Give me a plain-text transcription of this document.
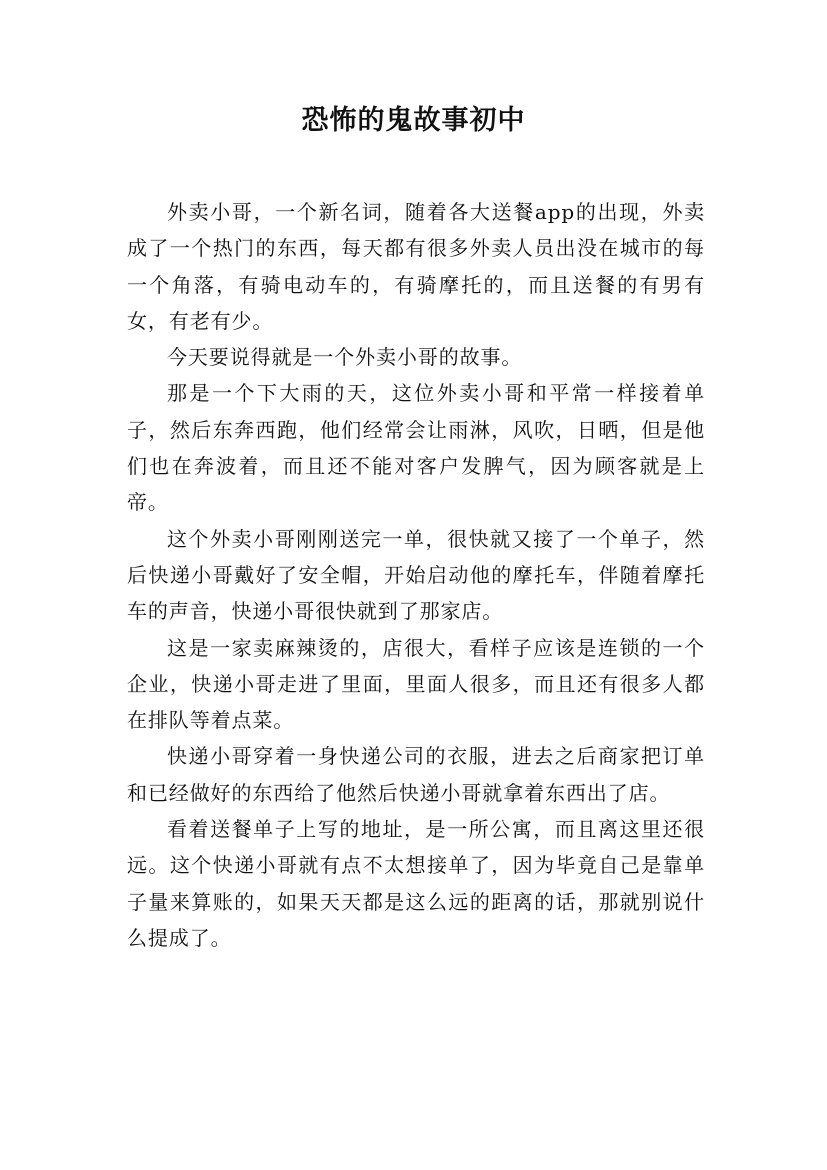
恐怖的鬼故事初中

外卖小哥，一个新名词，随着各大送餐app的出现，外卖成了一个热门的东西，每天都有很多外卖人员出没在城市的每一个角落，有骑电动车的，有骑摩托的，而且送餐的有男有女，有老有少。

今天要说得就是一个外卖小哥的故事。

那是一个下大雨的天，这位外卖小哥和平常一样接着单子，然后东奔西跑，他们经常会让雨淋，风吹，日晒，但是他们也在奔波着，而且还不能对客户发脾气，因为顾客就是上帝。

这个外卖小哥刚刚送完一单，很快就又接了一个单子，然后快递小哥戴好了安全帽，开始启动他的摩托车，伴随着摩托车的声音，快递小哥很快就到了那家店。

这是一家卖麻辣烫的，店很大，看样子应该是连锁的一个企业，快递小哥走进了里面，里面人很多，而且还有很多人都在排队等着点菜。

快递小哥穿着一身快递公司的衣服，进去之后商家把订单和已经做好的东西给了他然后快递小哥就拿着东西出了店。

看着送餐单子上写的地址，是一所公寓，而且离这里还很远。这个快递小哥就有点不太想接单了，因为毕竟自己是靠单子量来算账的，如果天天都是这么远的距离的话，那就别说什么提成了。
